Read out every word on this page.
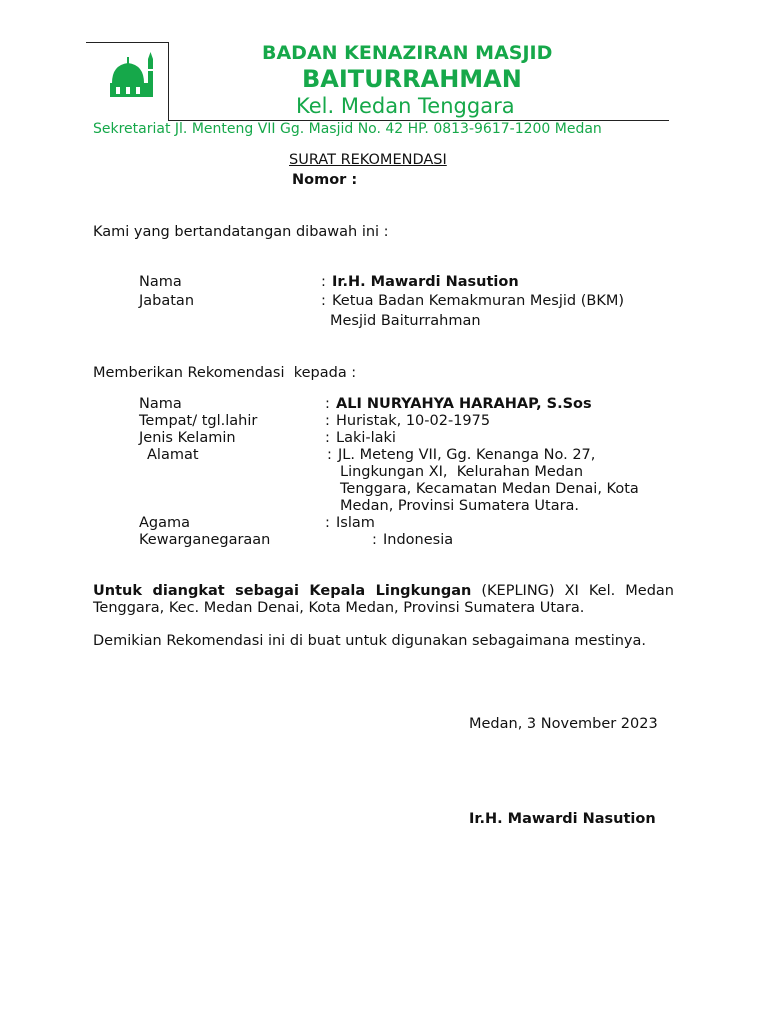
BADAN KENAZIRAN MASJID
BAITURRAHMAN
Kel. Medan Tenggara
Sekretariat Jl. Menteng VII Gg. Masjid No. 42 HP. 0813-9617-1200 Medan
SURAT REKOMENDASI
Nomor :
Kami yang bertandatangan dibawah ini :
Nama	: Ir.H. Mawardi Nasution
Jabatan	: Ketua Badan Kemakmuran Mesjid (BKM)
Mesjid Baiturrahman
Memberikan Rekomendasi  kepada :
Nama	: ALI NURYAHYA HARAHAP, S.Sos
Tempat/ tgl.lahir	: Huristak, 10-02-1975
Jenis Kelamin	: Laki-laki
Alamat	: JL. Meteng VII, Gg. Kenanga No. 27,
Lingkungan XI,  Kelurahan Medan
Tenggara, Kecamatan Medan Denai, Kota
Medan, Provinsi Sumatera Utara.
Agama	: Islam
Kewarganegaraan	: Indonesia
Untuk diangkat sebagai Kepala Lingkungan (KEPLING) XI Kel. Medan Tenggara, Kec. Medan Denai, Kota Medan, Provinsi Sumatera Utara.
Demikian Rekomendasi ini di buat untuk digunakan sebagaimana mestinya.
Medan, 3 November 2023
Ir.H. Mawardi Nasution
